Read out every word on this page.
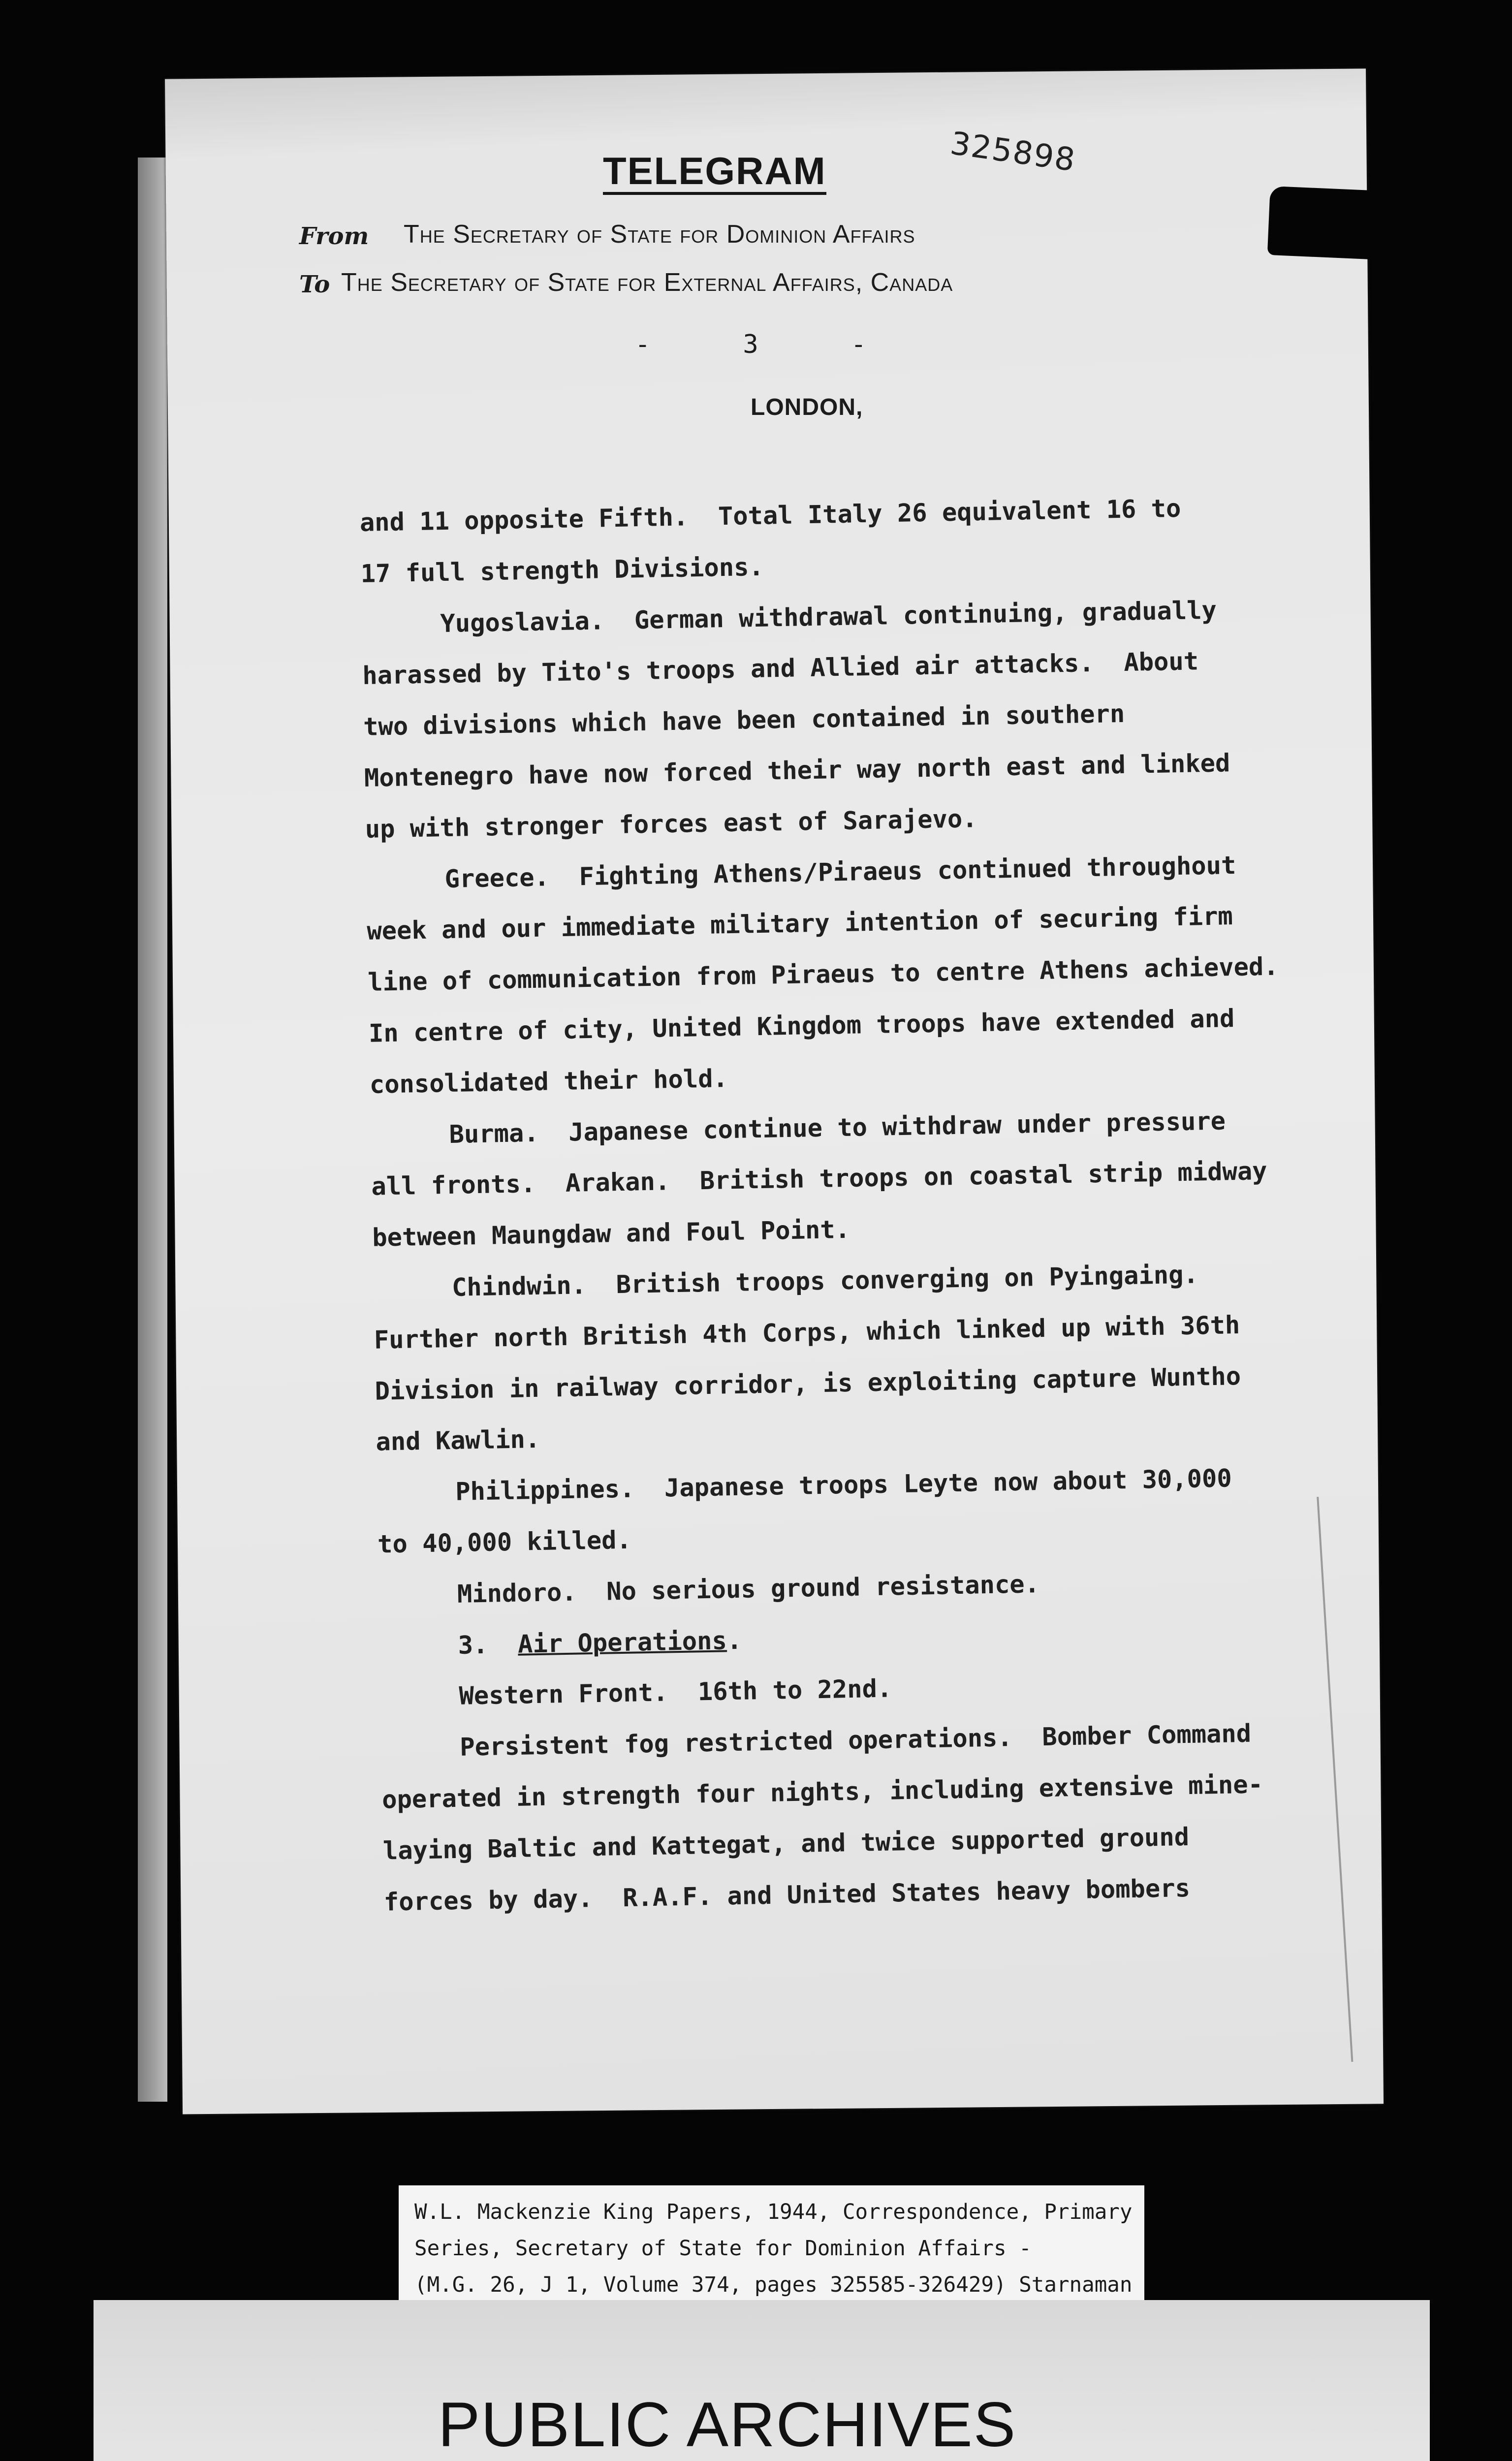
TELEGRAM	325898
From The Secretary of State for Dominion Affairs
To The Secretary of State for External Affairs, Canada
-	3	-
LONDON,
and 11 opposite Fifth.  Total Italy 26 equivalent 16 to
17 full strength Divisions.
Yugoslavia.  German withdrawal continuing, gradually
harassed by Tito's troops and Allied air attacks.  About
two divisions which have been contained in southern
Montenegro have now forced their way north east and linked
up with stronger forces east of Sarajevo.
Greece.  Fighting Athens/Piraeus continued throughout
week and our immediate military intention of securing firm
line of communication from Piraeus to centre Athens achieved.
In centre of city, United Kingdom troops have extended and
consolidated their hold.
Burma.  Japanese continue to withdraw under pressure
all fronts.  Arakan.  British troops on coastal strip midway
between Maungdaw and Foul Point.
Chindwin.  British troops converging on Pyingaing.
Further north British 4th Corps, which linked up with 36th
Division in railway corridor, is exploiting capture Wuntho
and Kawlin.
Philippines.  Japanese troops Leyte now about 30,000
to 40,000 killed.
Mindoro.  No serious ground resistance.
3. Air Operations.
Western Front.  16th to 22nd.
Persistent fog restricted operations.  Bomber Command
operated in strength four nights, including extensive mine-
laying Baltic and Kattegat, and twice supported ground
forces by day.  R.A.F. and United States heavy bombers
W.L. Mackenzie King Papers, 1944, Correspondence, Primary
Series, Secretary of State for Dominion Affairs -
(M.G. 26, J 1, Volume 374, pages 325585-326429) Starnaman
PUBLIC ARCHIVES
